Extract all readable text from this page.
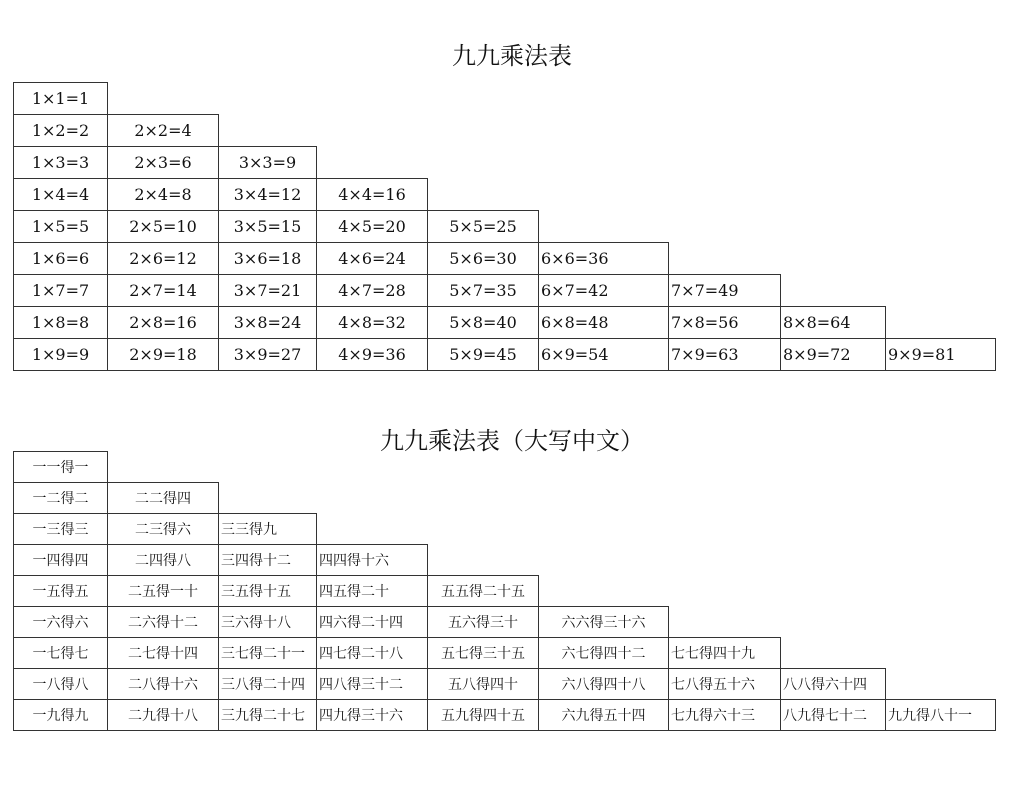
九九乘法表
1×1=1								
1×2=2	2×2=4							
1×3=3	2×3=6	3×3=9						
1×4=4	2×4=8	3×4=12	4×4=16					
1×5=5	2×5=10	3×5=15	4×5=20	5×5=25				
1×6=6	2×6=12	3×6=18	4×6=24	5×6=30	6×6=36			
1×7=7	2×7=14	3×7=21	4×7=28	5×7=35	6×7=42	7×7=49		
1×8=8	2×8=16	3×8=24	4×8=32	5×8=40	6×8=48	7×8=56	8×8=64	
1×9=9	2×9=18	3×9=27	4×9=36	5×9=45	6×9=54	7×9=63	8×9=72	9×9=81
九九乘法表（大写中文）
一一得一								
一二得二	二二得四							
一三得三	二三得六	三三得九						
一四得四	二四得八	三四得十二	四四得十六					
一五得五	二五得一十	三五得十五	四五得二十	五五得二十五				
一六得六	二六得十二	三六得十八	四六得二十四	五六得三十	六六得三十六			
一七得七	二七得十四	三七得二十一	四七得二十八	五七得三十五	六七得四十二	七七得四十九		
一八得八	二八得十六	三八得二十四	四八得三十二	五八得四十	六八得四十八	七八得五十六	八八得六十四	
一九得九	二九得十八	三九得二十七	四九得三十六	五九得四十五	六九得五十四	七九得六十三	八九得七十二	九九得八十一
